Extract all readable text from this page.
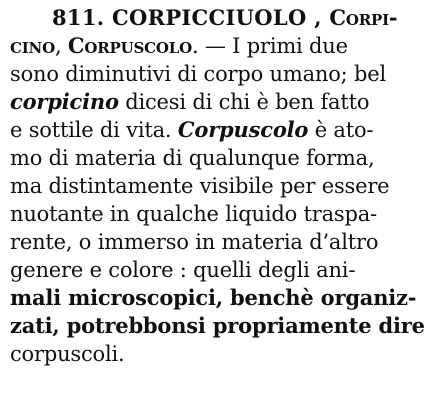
811. CORPICCIUOLO , Corpi-
cino, Corpuscolo. — I primi due
sono diminutivi di corpo umano; bel
corpicino dicesi di chi è ben fatto
e sottile di vita. Corpuscolo è ato-
mo di materia di qualunque forma,
ma distintamente visibile per essere
nuotante in qualche liquido traspa-
rente, o immerso in materia d’altro
genere e colore : quelli degli ani-
mali microscopici, benchè organiz-
zati, potrebbonsi propriamente dire
corpuscoli.
